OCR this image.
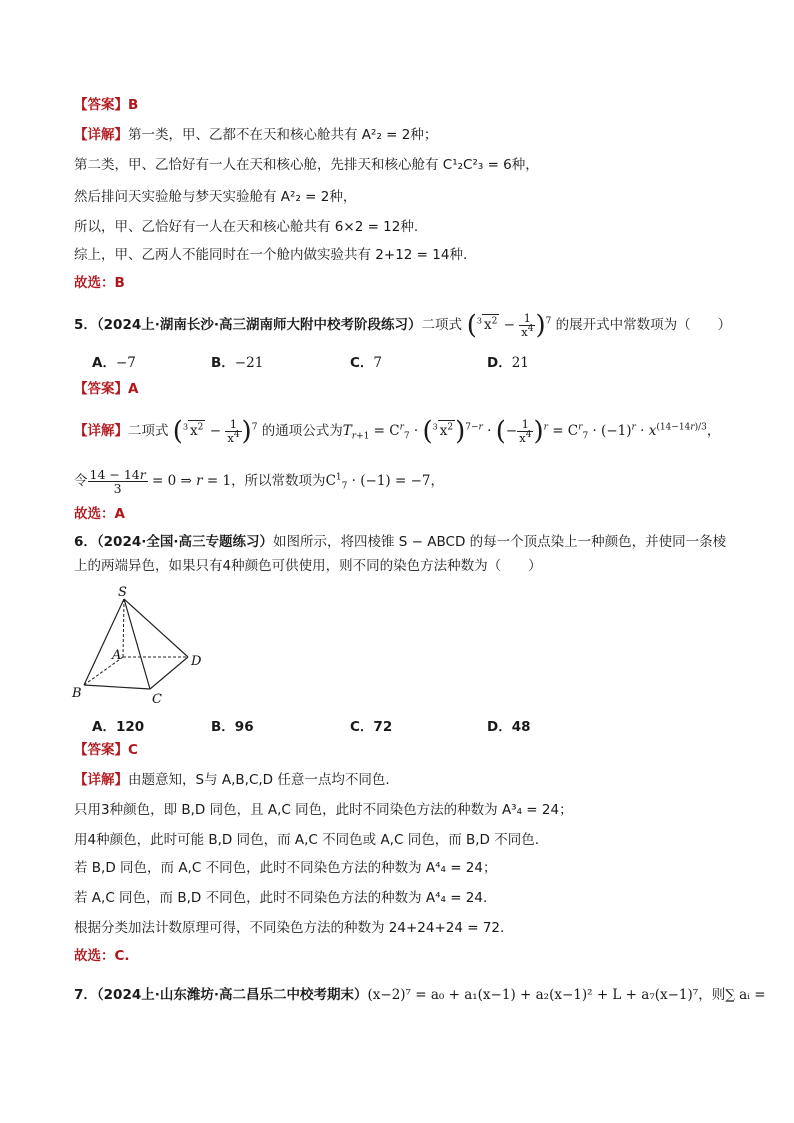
【答案】B
【详解】第一类，甲、乙都不在天和核心舱共有 A²₂ = 2种；
第二类，甲、乙恰好有一人在天和核心舱，先排天和核心舱有 C¹₂C²₃ = 6种，
然后排问天实验舱与梦天实验舱有 A²₂ = 2种，
所以，甲、乙恰好有一人在天和核心舱共有 6×2 = 12种.
综上，甲、乙两人不能同时在一个舱内做实验共有 2+12 = 14种.
故选：B
5．（2024上·湖南长沙·高三湖南师大附中校考阶段练习）二项式 ($^3$ $x^2 - \frac{1}{x^4} )^7$ 的展开式中常数项为（　　）
A．−7	B．−21	C．7	D．21
【答案】A
【详解】二项式 ($^3$ $x^2 - \frac{1}{x^4} )^7$ 的通项公式为$T_{r+1} = C^r_7 \cdot (^3$ $x^2)^{7-r}$ · (− $\frac{1}{x^4} )^r = C^r_7 \cdot (-1)^r \cdot x^{(14-14r)/3}$，
令 $\frac{14 - 14r}{3} = 0$ ⇒ r = 1，所以常数项为$C^1_7 \cdot (-1) = -7$，
故选：A
6．（2024·全国·高三专题练习）如图所示，将四棱锥 S − ABCD 的每一个顶点染上一种颜色，并使同一条棱
上的两端异色，如果只有4种颜色可供使用，则不同的染色方法种数为（　　）
S
A
B	C
D
A．120	B．96	C．72	D．48
【答案】C
【详解】由题意知，S与 A,B,C,D 任意一点均不同色.
只用3种颜色，即 B,D 同色，且 A,C 同色，此时不同染色方法的种数为 A³₄ = 24；
用4种颜色，此时可能 B,D 同色，而 A,C 不同色或 A,C 同色，而 B,D 不同色.
若 B,D 同色，而 A,C 不同色，此时不同染色方法的种数为 A⁴₄ = 24；
若 A,C 同色，而 B,D 不同色，此时不同染色方法的种数为 A⁴₄ = 24.
根据分类加法计数原理可得，不同染色方法的种数为 24+24+24 = 72.
故选：C.
7．（2024上·山东潍坊·高二昌乐二中校考期末）(x−2)⁷ = a₀ + a₁(x−1) + a₂(x−1)² + L + a₇(x−1)⁷，则∑ aᵢ =
